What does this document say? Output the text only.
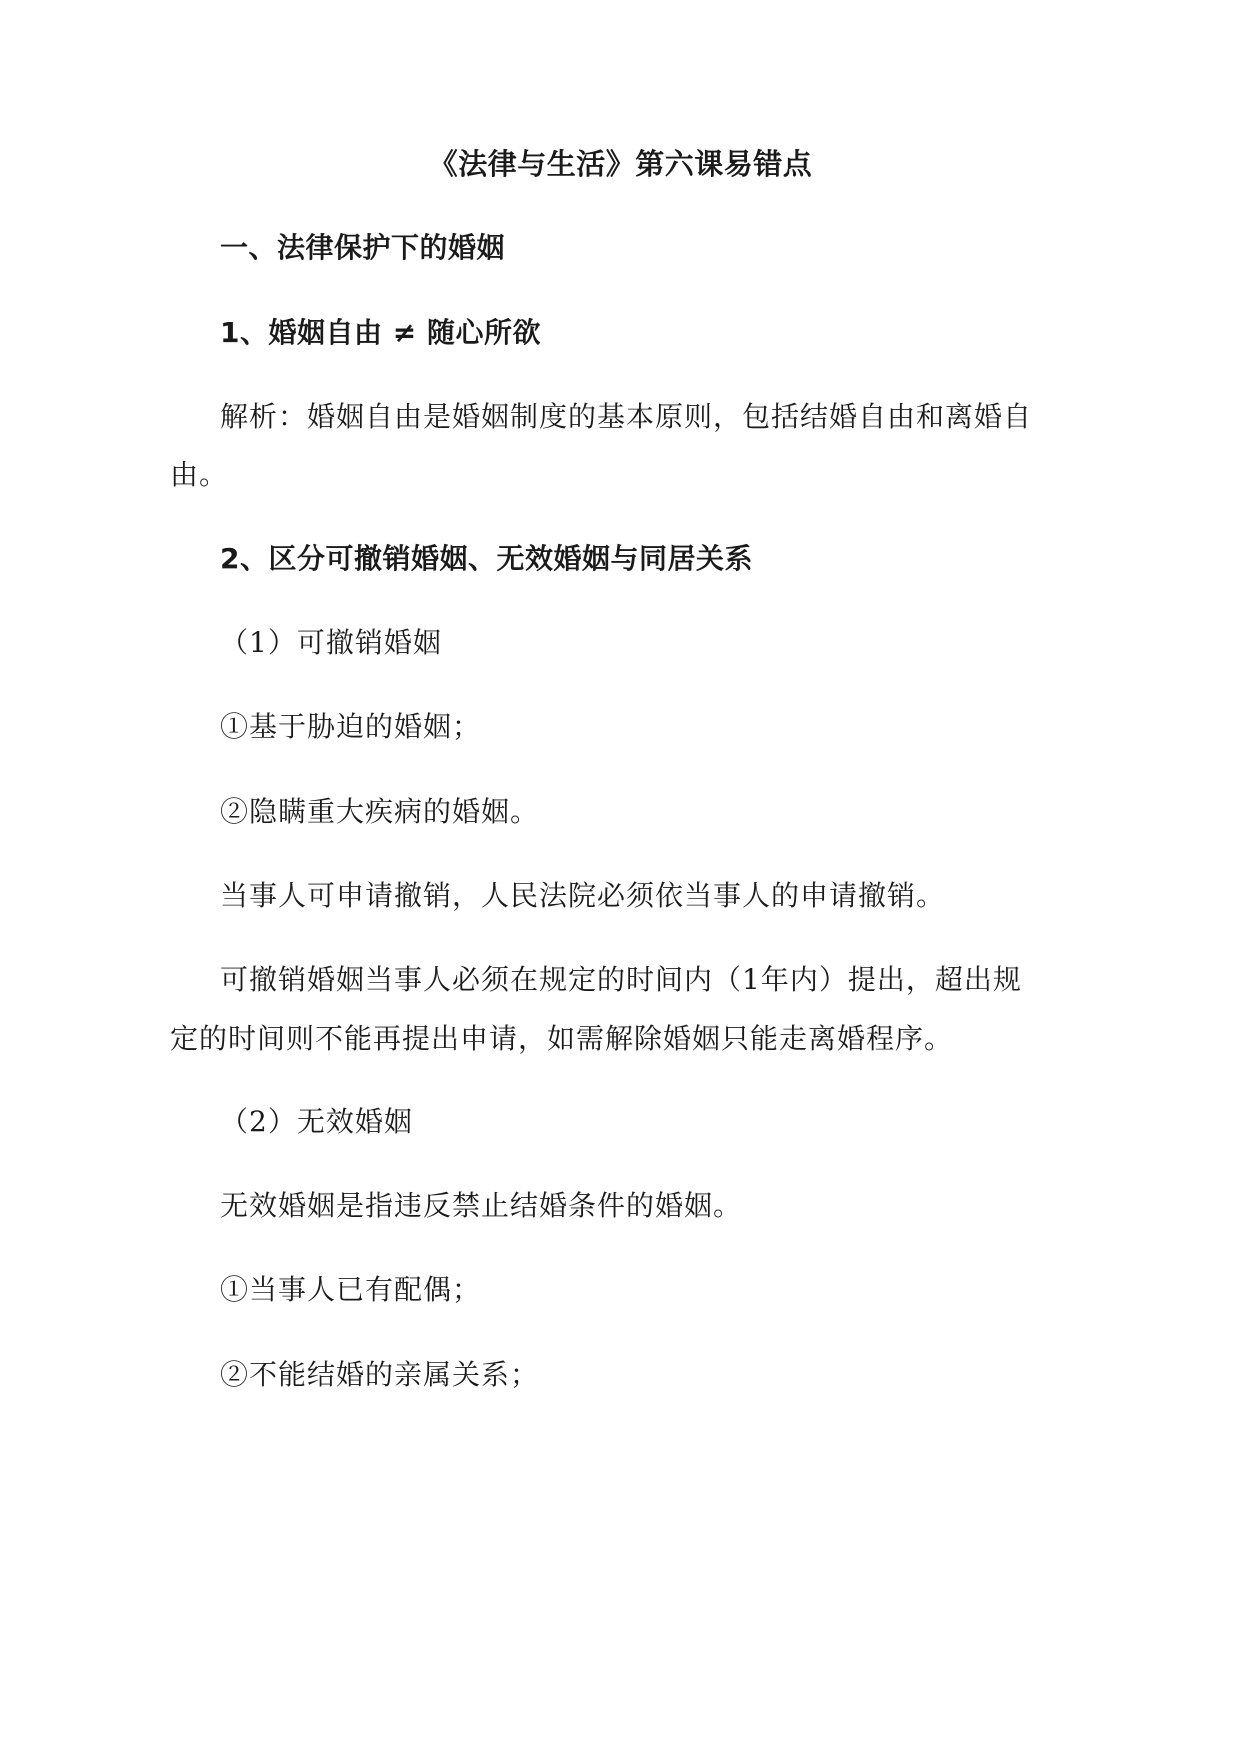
《法律与生活》第六课易错点
一、法律保护下的婚姻
1、婚姻自由 ≠ 随心所欲
解析：婚姻自由是婚姻制度的基本原则，包括结婚自由和离婚自
由。
2、区分可撤销婚姻、无效婚姻与同居关系
（1）可撤销婚姻
①基于胁迫的婚姻；
②隐瞒重大疾病的婚姻。
当事人可申请撤销，人民法院必须依当事人的申请撤销。
可撤销婚姻当事人必须在规定的时间内（1年内）提出，超出规
定的时间则不能再提出申请，如需解除婚姻只能走离婚程序。
（2）无效婚姻
无效婚姻是指违反禁止结婚条件的婚姻。
①当事人已有配偶；
②不能结婚的亲属关系；
